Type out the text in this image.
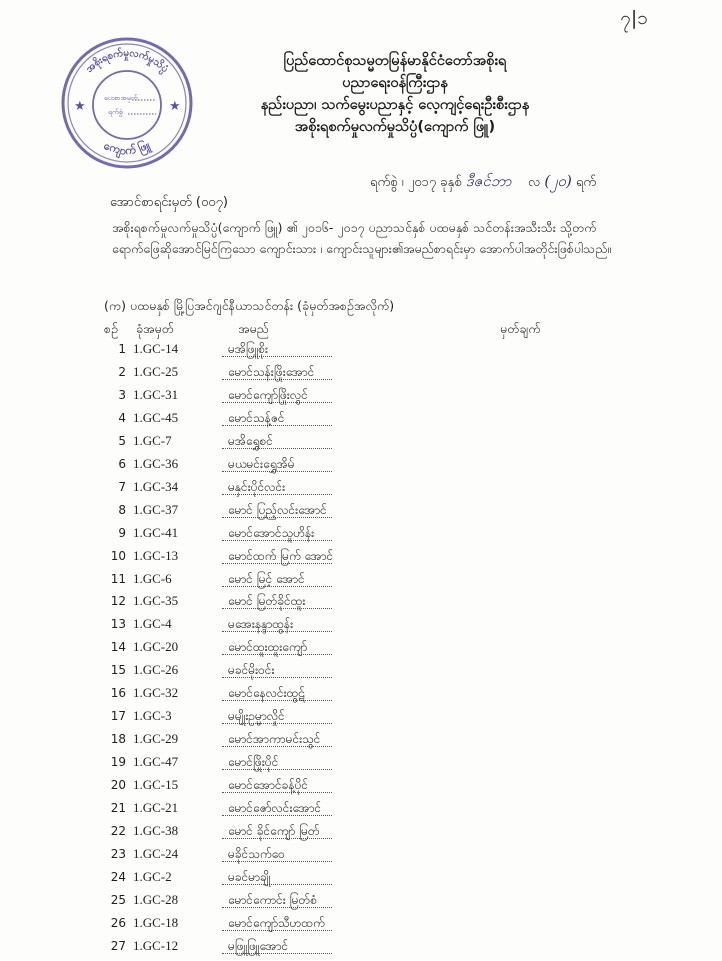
၇|၁
အစိုးရစက်မှုလက်မှုသိပ္ပံ
ကျောက် ဖြူ
★	★
ပေးစာအမှတ်
ရက်စွဲ
ပြည်ထောင်စုသမ္မတမြန်မာနိုင်ငံတော်အစိုးရ
ပညာရေးဝန်ကြီးဌာန
နည်းပညာ၊ သက်မွေးပညာနှင့် လေ့ကျင့်ရေးဦးစီးဌာန
အစိုးရစက်မှုလက်မှုသိပ္ပံ(ကျောက် ဖြူ)
ရက်စွဲ ၊ ၂၀၁၇ ခုနှစ် ဒီဇင်ဘာ လ (၂၀) ရက်
အောင်စာရင်းမှတ် (၀၀၇)
အစိုးရစက်မှုလက်မှုသိပ္ပံ(ကျောက် ဖြူ) ၏ ၂၀၁၆- ၂၀၁၇ ပညာသင်နှစ် ပထမနှစ် သင်တန်းအသီးသီး သို့တက်ရောက်ဖြေဆိုအောင်မြင်ကြသော ကျောင်းသား ၊ ကျောင်းသူများ၏အမည်စာရင်းမှာ အောက်ပါအတိုင်းဖြစ်ပါသည်။
(က) ပထမနှစ် မြို့ပြအင်ဂျင်နီယာသင်တန်း (ခုံမှတ်အစဉ်အလိုက်)
စဉ် ခုံအမှတ်	အမည်	မှတ်ချက်
1 1.GC-14	မအိဖြူစိုး
2 1.GC-25	မောင်သန်းဖြိုးအောင်
3 1.GC-31	မောင်ကျော်ဖြိုးလွင်
4 1.GC-45	မောင်သန့်ဇင်
5 1.GC-7	မအိရွှေစင်
6 1.GC-36	မယမင်းရွှေအိမ်
7 1.GC-34	မနှင်းပိုင်လင်း
8 1.GC-37	မောင် ပြည့်လင်းအောင်
9 1.GC-41	မောင်အောင်သူဟိန်း
10 1.GC-13	မောင်ထက် မြက် အောင်
11 1.GC-6	မောင် မြင့် အောင်
12 1.GC-35	မောင် မြတ်ခိုင်ထူး
13 1.GC-4	မအေးနန္ဒာထွန်း
14 1.GC-20	မောင်ထူးထူးကျော်
15 1.GC-26	မခင်မိုးဝင်း
16 1.GC-32	မောင်နေလင်းထွဋ်
17 1.GC-3	မမျိုးဥမ္မာလှိုင်
18 1.GC-29	မောင်အာကာမင်းသွင်
19 1.GC-47	မောင်ဖြိုးပိုင်
20 1.GC-15	မောင်အောင်ခန့်ပိုင်
21 1.GC-21	မောင်ဇော်လင်းအောင်
22 1.GC-38	မောင် ခိုင်ကျော် မြတ်
23 1.GC-24	မခိုင်သက်ဝေ
24 1.GC-2	မခင်မာချို
25 1.GC-28	မောင်ကောင်း မြတ်စံ
26 1.GC-18	မောင်ကျော်သီဟထက်
27 1.GC-12	မဖြူဖြူအောင်
